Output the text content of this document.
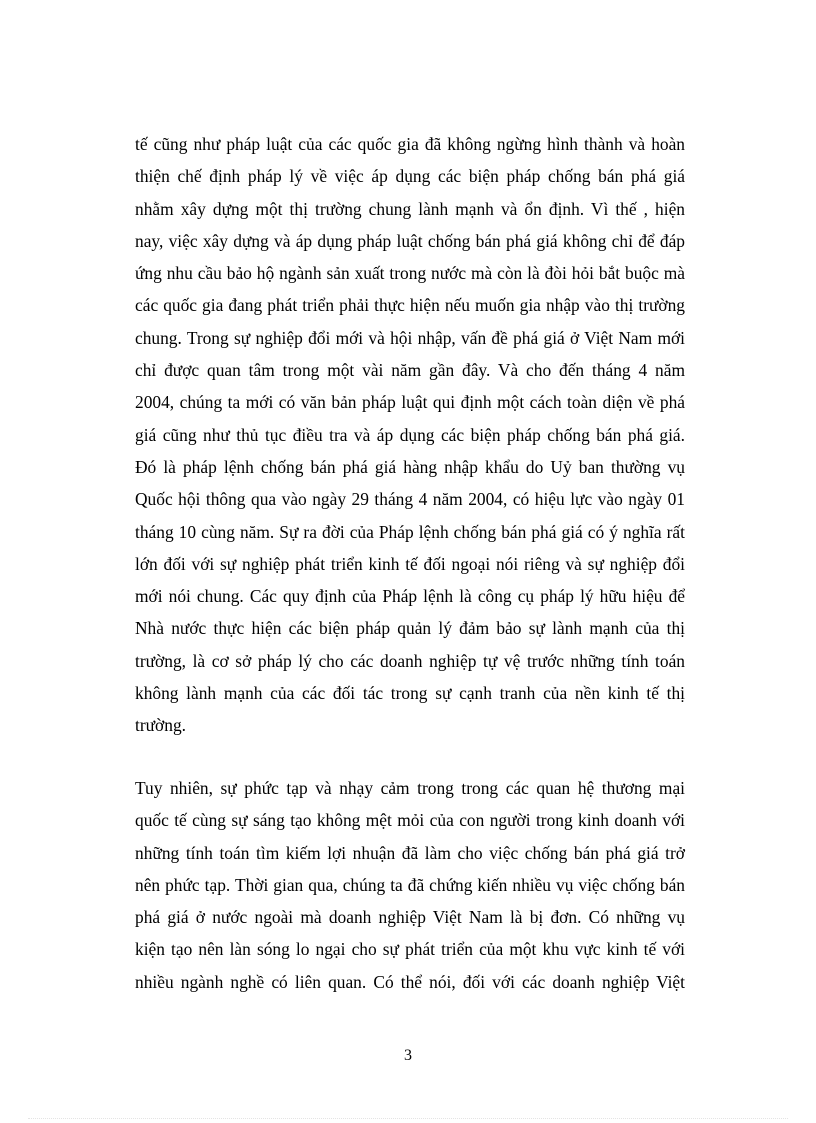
tế cũng như pháp luật của các quốc gia đã không ngừng hình thành và hoàn
thiện chế định pháp lý về việc áp dụng các biện pháp chống bán phá giá
nhằm xây dựng một thị trường chung lành mạnh và ổn định. Vì thế , hiện
nay, việc xây dựng và áp dụng pháp luật chống bán phá giá không chỉ để đáp
ứng nhu cầu bảo hộ ngành sản xuất trong nước mà còn là đòi hỏi bắt buộc mà
các quốc gia đang phát triển phải thực hiện nếu muốn gia nhập vào thị trường
chung. Trong sự nghiệp đổi mới và hội nhập, vấn đề phá giá ở Việt Nam mới
chỉ được quan tâm trong một vài năm gần đây. Và cho đến tháng 4 năm
2004, chúng ta mới có văn bản pháp luật qui định một cách toàn diện về phá
giá cũng như thủ tục điều tra và áp dụng các biện pháp chống bán phá giá.
Đó là pháp lệnh chống bán phá giá hàng nhập khẩu do Uỷ ban thường vụ
Quốc hội thông qua vào ngày 29 tháng 4 năm 2004, có hiệu lực vào ngày 01
tháng 10 cùng năm. Sự ra đời của Pháp lệnh chống bán phá giá có ý nghĩa rất
lớn đối với sự nghiệp phát triển kinh tế đối ngoại nói riêng và sự nghiệp đổi
mới nói chung. Các quy định của Pháp lệnh là công cụ pháp lý hữu hiệu để
Nhà nước thực hiện các biện pháp quản lý đảm bảo sự lành mạnh của thị
trường, là cơ sở pháp lý cho các doanh nghiệp tự vệ trước những tính toán
không lành mạnh của các đối tác trong sự cạnh tranh của nền kinh tế thị
trường.
Tuy nhiên, sự phức tạp và nhạy cảm trong trong các quan hệ thương mại
quốc tế cùng sự sáng tạo không mệt mỏi của con người trong kinh doanh với
những tính toán tìm kiếm lợi nhuận đã làm cho việc chống bán phá giá trở
nên phức tạp. Thời gian qua, chúng ta đã chứng kiến nhiều vụ việc chống bán
phá giá ở nước ngoài mà doanh nghiệp Việt Nam là bị đơn. Có những vụ
kiện tạo nên làn sóng lo ngại cho sự phát triển của một khu vực kinh tế với
nhiều ngành nghề có liên quan. Có thể nói, đối với các doanh nghiệp Việt
3
